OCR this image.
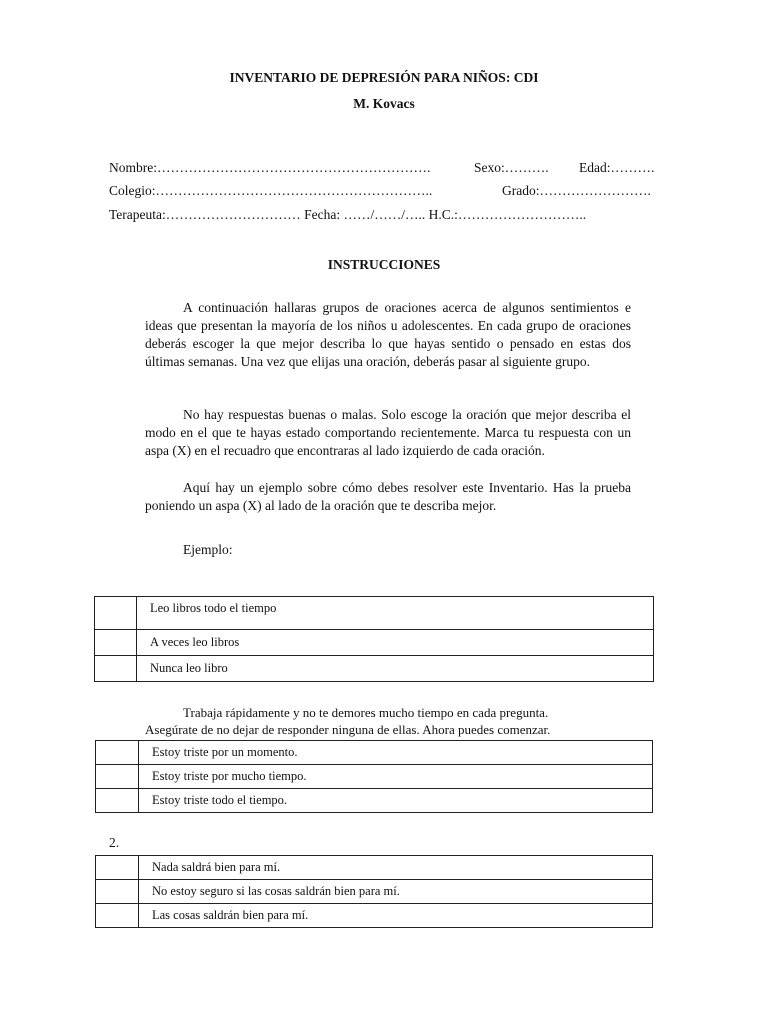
INVENTARIO DE DEPRESIÓN PARA NIÑOS: CDI
M. Kovacs
Nombre:…………………………………………………….	Sexo:………. Edad:……….
Colegio:……………………………………………………..	Grado:…………………….
Terapeuta:………………………… Fecha: ……/……/….. H.C.:………………………..
INSTRUCCIONES
A continuación hallaras grupos de oraciones acerca de algunos sentimientos e ideas que presentan la mayoría de los niños u adolescentes. En cada grupo de oraciones deberás escoger la que mejor describa lo que hayas sentido o pensado en estas dos últimas semanas. Una vez que elijas una oración, deberás pasar al siguiente grupo.
No hay respuestas buenas o malas. Solo escoge la oración que mejor describa el modo en el que te hayas estado comportando recientemente. Marca tu respuesta con un aspa (X) en el recuadro que encontraras al lado izquierdo de cada oración.
Aquí hay un ejemplo sobre cómo debes resolver este Inventario. Has la prueba poniendo un aspa (X) al lado de la oración que te describa mejor.
Ejemplo:
	Leo libros todo el tiempo
	A veces leo libros
	Nunca leo libro
Trabaja rápidamente y no te demores mucho tiempo en cada pregunta.
Asegúrate de no dejar de responder ninguna de ellas. Ahora puedes comenzar.
	Estoy triste por un momento.
	Estoy triste por mucho tiempo.
	Estoy triste todo el tiempo.
2.
	Nada saldrá bien para mí.
	No estoy seguro si las cosas saldrán bien para mí.
	Las cosas saldrán bien para mí.
